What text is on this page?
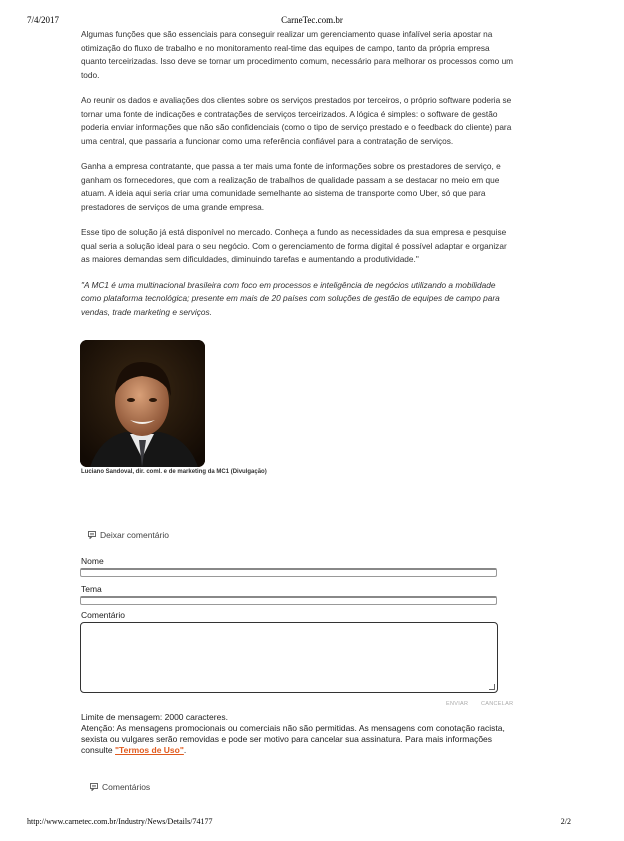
7/4/2017	CarneTec.com.br

Algumas funções que são essenciais para conseguir realizar um gerenciamento quase infalível seria apostar na otimização do fluxo de trabalho e no monitoramento real-time das equipes de campo, tanto da própria empresa quanto terceirizadas. Isso deve se tornar um procedimento comum, necessário para melhorar os processos como um todo.

Ao reunir os dados e avaliações dos clientes sobre os serviços prestados por terceiros, o próprio software poderia se tornar uma fonte de indicações e contratações de serviços terceirizados. A lógica é simples: o software de gestão poderia enviar informações que não são confidenciais (como o tipo de serviço prestado e o feedback do cliente) para uma central, que passaria a funcionar como uma referência confiável para a contratação de serviços.

Ganha a empresa contratante, que passa a ter mais uma fonte de informações sobre os prestadores de serviço, e ganham os fornecedores, que com a realização de trabalhos de qualidade passam a se destacar no meio em que atuam. A ideia aqui seria criar uma comunidade semelhante ao sistema de transporte como Uber, só que para prestadores de serviços de uma grande empresa.

Esse tipo de solução já está disponível no mercado. Conheça a fundo as necessidades da sua empresa e pesquise qual seria a solução ideal para o seu negócio. Com o gerenciamento de forma digital é possível adaptar e organizar as maiores demandas sem dificuldades, diminuindo tarefas e aumentando a produtividade."

"A MC1 é uma multinacional brasileira com foco em processos e inteligência de negócios utilizando a mobilidade como plataforma tecnológica; presente em mais de 20 países com soluções de gestão de equipes de campo para vendas, trade marketing e serviços.

Luciano Sandoval, dir. coml. e de marketing da MC1 (Divulgação)
Deixar comentário
Nome
Tema
Comentário
ENVIAR CANCELAR
Limite de mensagem: 2000 caracteres.
Atenção: As mensagens promocionais ou comerciais não são permitidas. As mensagens com conotação racista, sexista ou vulgares serão removidas e pode ser motivo para cancelar sua assinatura. Para mais informações consulte "Termos de Uso".
Comentários
http://www.carnetec.com.br/Industry/News/Details/74177	2/2
